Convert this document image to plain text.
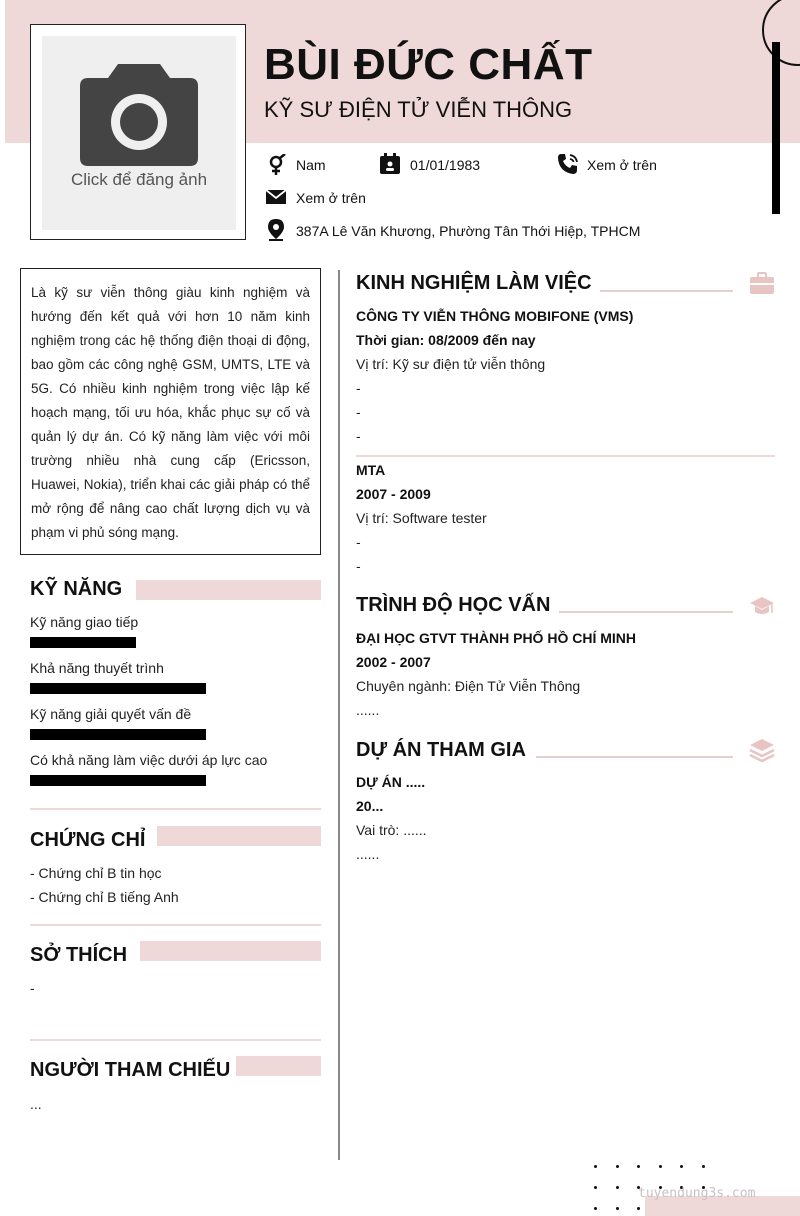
Click để đăng ảnh
BÙI ĐỨC CHẤT
KỸ SƯ ĐIỆN TỬ VIỄN THÔNG
Nam	01/01/1983	Xem ở trên
Xem ở trên
387A Lê Văn Khương, Phường Tân Thới Hiệp, TPHCM
Là kỹ sư viễn thông giàu kinh nghiệm và hướng đến kết quả với hơn 10 năm kinh nghiệm trong các hệ thống điện thoại di động, bao gồm các công nghệ GSM, UMTS, LTE và 5G. Có nhiều kinh nghiệm trong việc lập kế hoạch mạng, tối ưu hóa, khắc phục sự cố và quản lý dự án. Có kỹ năng làm việc với môi trường nhiều nhà cung cấp (Ericsson, Huawei, Nokia), triển khai các giải pháp có thể mở rộng để nâng cao chất lượng dịch vụ và phạm vi phủ sóng mạng.
KỸ NĂNG
Kỹ năng giao tiếp
Khả năng thuyết trình
Kỹ năng giải quyết vấn đề
Có khả năng làm việc dưới áp lực cao
CHỨNG CHỈ
- Chứng chỉ B tin học
- Chứng chỉ B tiếng Anh
SỞ THÍCH
-
NGƯỜI THAM CHIẾU
...
KINH NGHIỆM LÀM VIỆC
CÔNG TY VIỄN THÔNG MOBIFONE (VMS)
Thời gian: 08/2009 đến nay
Vị trí: Kỹ sư điện tử viễn thông
-
-
-
MTA
2007 - 2009
Vị trí: Software tester
-
-
TRÌNH ĐỘ HỌC VẤN
ĐẠI HỌC GTVT THÀNH PHỐ HỒ CHÍ MINH
2002 - 2007
Chuyên ngành: Điện Tử Viễn Thông
......
DỰ ÁN THAM GIA
DỰ ÁN .....
20...
Vai trò: ......
......
tuyendung3s.com
